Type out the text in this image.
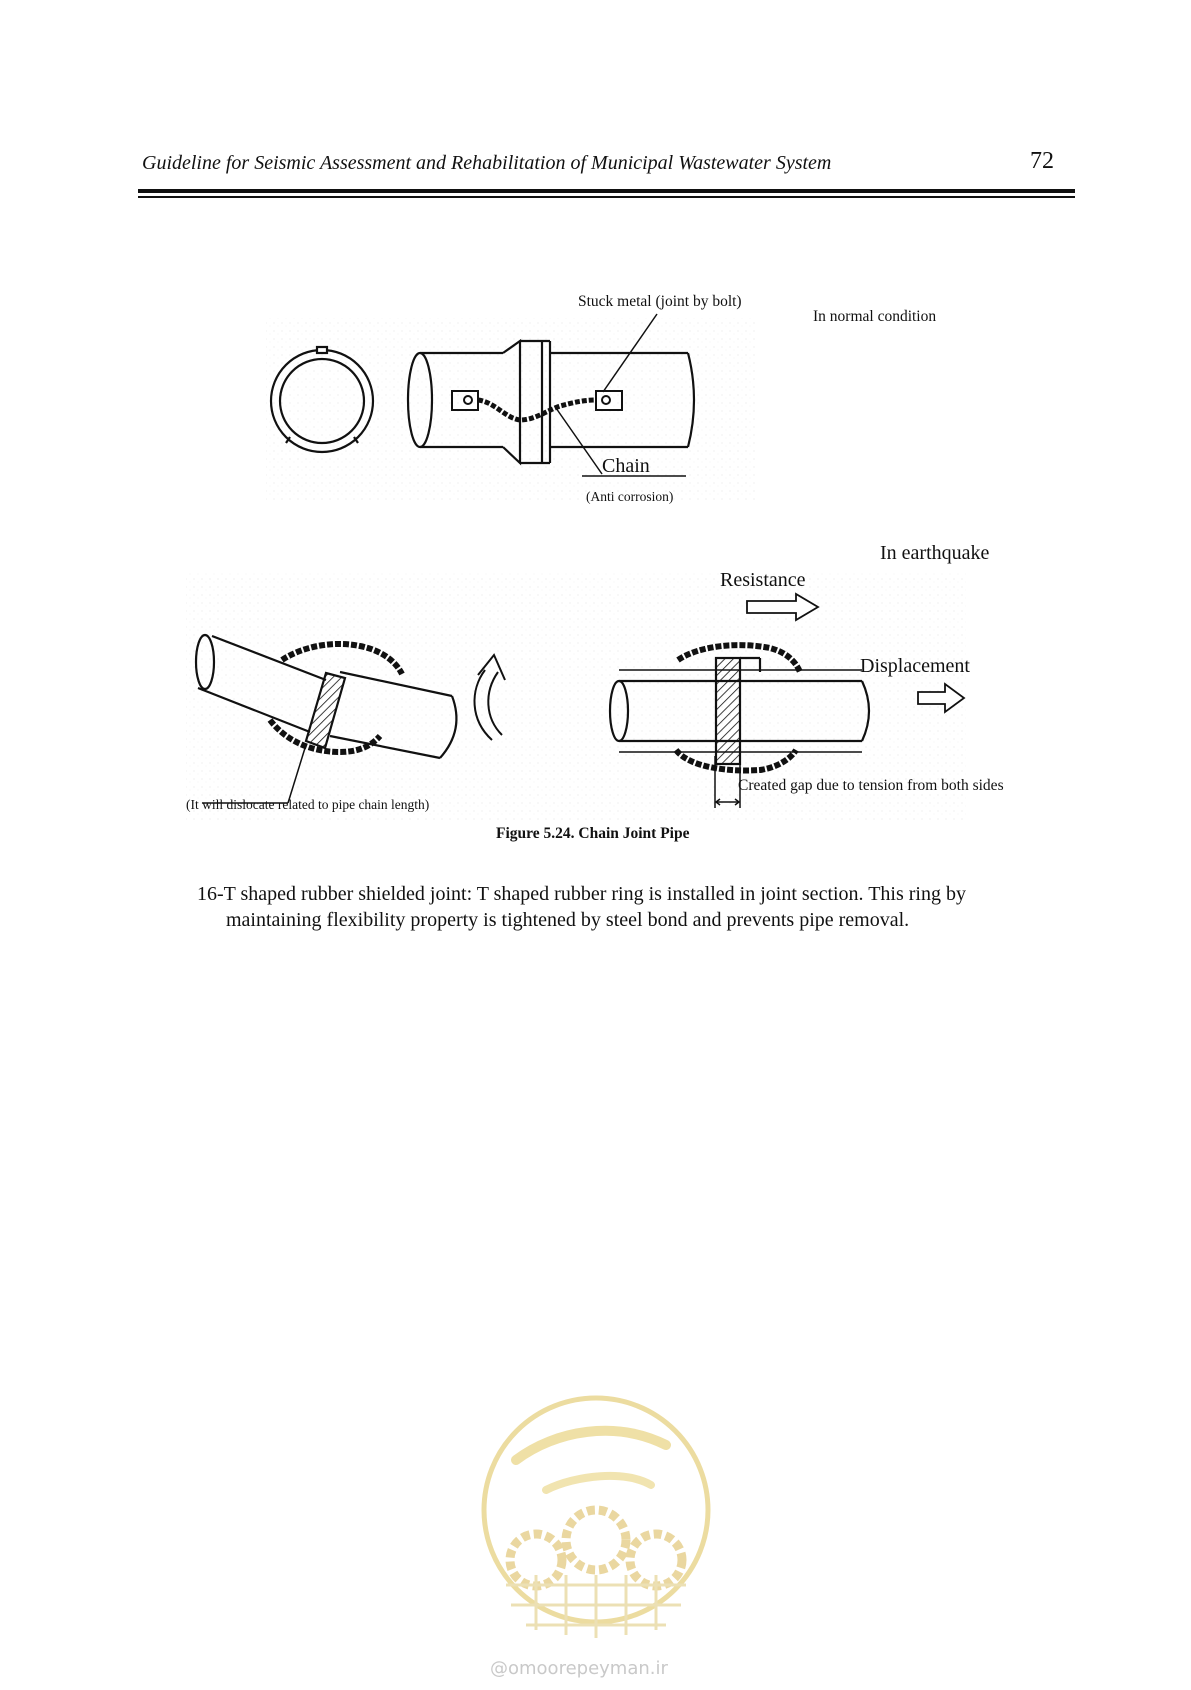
Guideline for Seismic Assessment and Rehabilitation of Municipal Wastewater System	72
Stuck metal (joint by bolt)
In normal condition
Chain
(Anti corrosion)
In earthquake
Resistance
Displacement
Created gap due to tension from both sides
(It will dislocate related to pipe chain length)
Figure 5.24. Chain Joint Pipe
16-T shaped rubber shielded joint: T shaped rubber ring is installed in joint section. This ring by
maintaining flexibility property is tightened by steel bond and prevents pipe removal.
@omoorepeyman.ir
